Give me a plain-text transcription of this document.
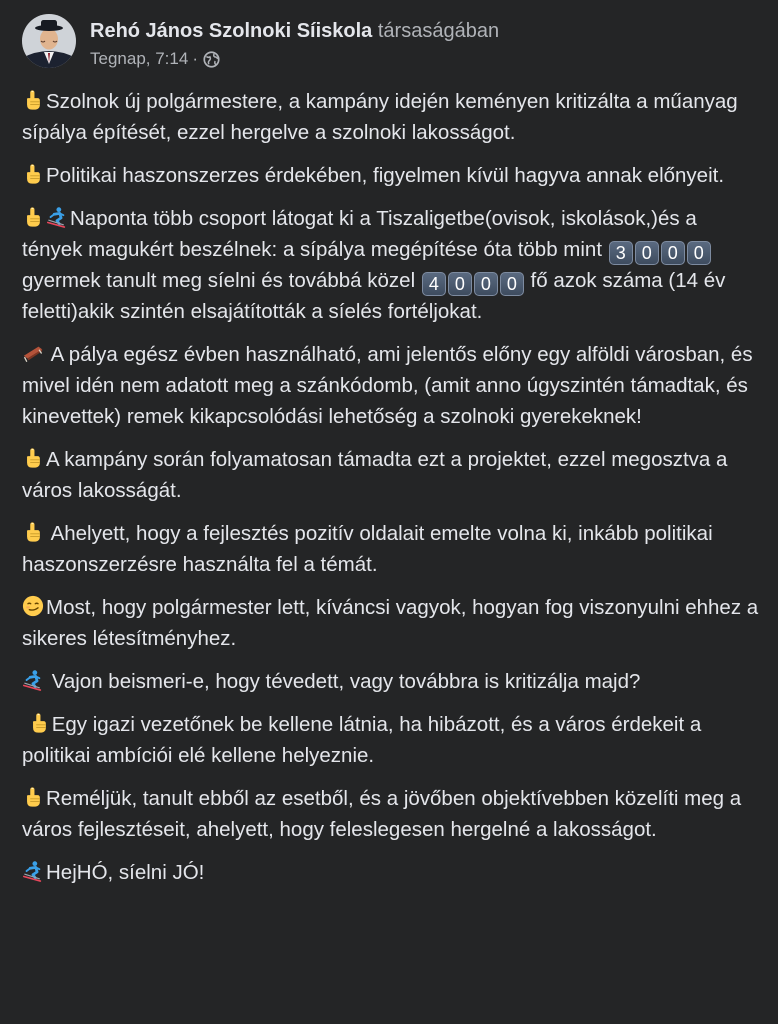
Rehó János Szolnoki Síiskola társaságában
Tegnap, 7:14 ·

Szolnok új polgármestere, a kampány idején keményen kritizálta a műanyag sípálya építését, ezzel hergelve a szolnoki lakosságot.

Politikai haszonszerzes érdekében, figyelmen kívül hagyva annak előnyeit.

Naponta több csoport látogat ki a Tiszaligetbe(ovisok, iskolások,)és a tények magukért beszélnek: a sípálya megépítése óta több mint 3 0 0 0gyermek tanult meg síelni és továbbá közel 4 0 0 0 fő azok száma (14 év feletti)akik szintén elsajátították a síelés fortéljokat.

A pálya egész évben használható, ami jelentős előny egy alföldi városban, és mivel idén nem adatott meg a szánkódomb, (amit anno úgyszintén támadtak, és kinevettek) remek kikapcsolódási lehetőség a szolnoki gyerekeknek!

A kampány során folyamatosan támadta ezt a projektet, ezzel megosztva a város lakosságát.

Ahelyett, hogy a fejlesztés pozitív oldalait emelte volna ki, inkább politikai haszonszerzésre használta fel a témát.

Most, hogy polgármester lett, kíváncsi vagyok, hogyan fog viszonyulni ehhez a sikeres létesítményhez.

Vajon beismeri-e, hogy tévedett, vagy továbbra is kritizálja majd?

Egy igazi vezetőnek be kellene látnia, ha hibázott, és a város érdekeit a politikai ambíciói elé kellene helyeznie.

Reméljük, tanult ebből az esetből, és a jövőben objektívebben közelíti meg a város fejlesztéseit, ahelyett, hogy feleslegesen hergelné a lakosságot.

HejHÓ, síelni JÓ!
